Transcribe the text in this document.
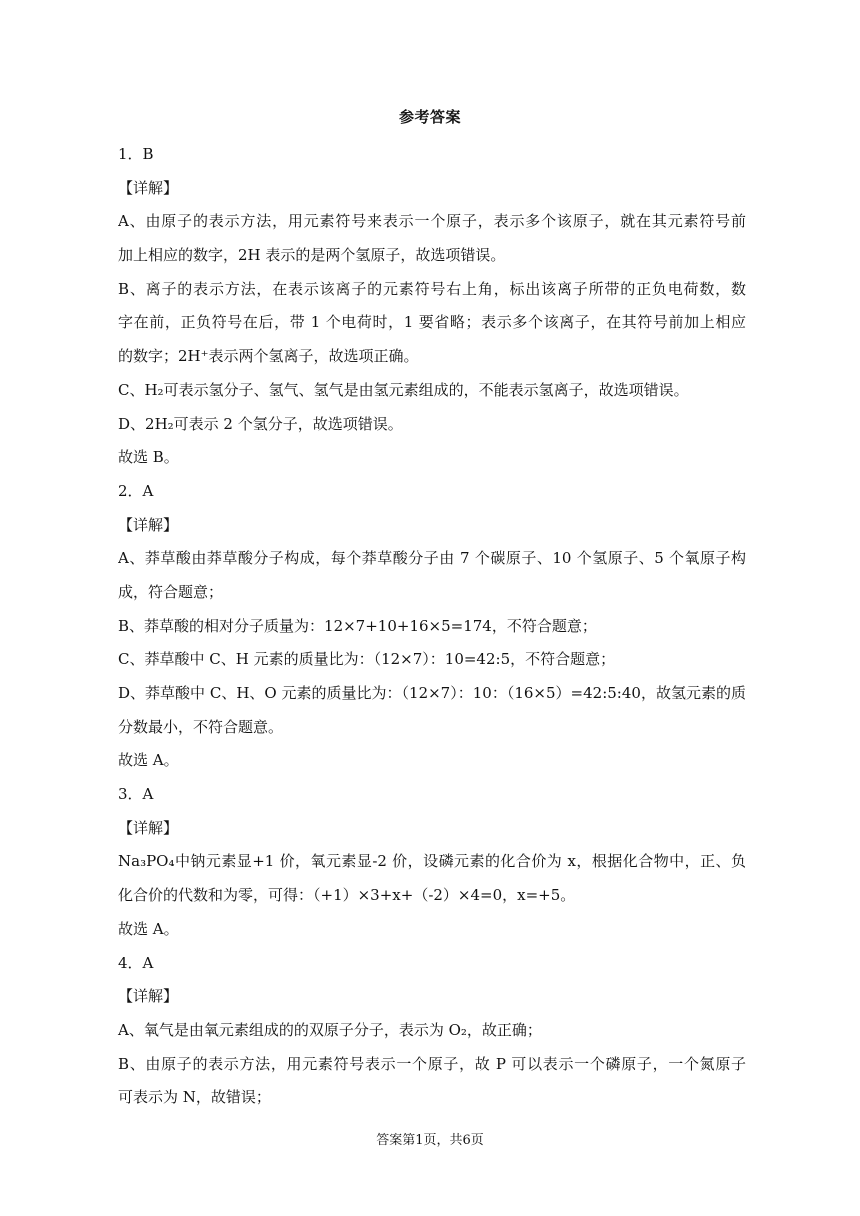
参考答案
1．B
【详解】
A、由原子的表示方法，用元素符号来表示一个原子，表示多个该原子，就在其元素符号前
加上相应的数字，2H 表示的是两个氢原子，故选项错误。
B、离子的表示方法，在表示该离子的元素符号右上角，标出该离子所带的正负电荷数，数
字在前，正负符号在后，带 1 个电荷时，1 要省略；表示多个该离子，在其符号前加上相应
的数字；2H⁺表示两个氢离子，故选项正确。
C、H₂可表示氢分子、氢气、氢气是由氢元素组成的，不能表示氢离子，故选项错误。
D、2H₂可表示 2 个氢分子，故选项错误。
故选 B。
2．A
【详解】
A、莽草酸由莽草酸分子构成，每个莽草酸分子由 7 个碳原子、10 个氢原子、5 个氧原子构
成，符合题意；
B、莽草酸的相对分子质量为：12×7+10+16×5=174，不符合题意；
C、莽草酸中 C、H 元素的质量比为：（12×7）：10=42:5，不符合题意；
D、莽草酸中 C、H、O 元素的质量比为：（12×7）：10：（16×5）=42:5:40，故氢元素的质
分数最小，不符合题意。
故选 A。
3．A
【详解】
Na₃PO₄中钠元素显+1 价，氧元素显-2 价，设磷元素的化合价为 x，根据化合物中，正、负
化合价的代数和为零，可得：（+1）×3+x+（-2）×4=0，x=+5。
故选 A。
4．A
【详解】
A、氧气是由氧元素组成的的双原子分子，表示为 O₂，故正确；
B、由原子的表示方法，用元素符号表示一个原子，故 P 可以表示一个磷原子，一个氮原子
可表示为 N，故错误；
答案第1页，共6页
